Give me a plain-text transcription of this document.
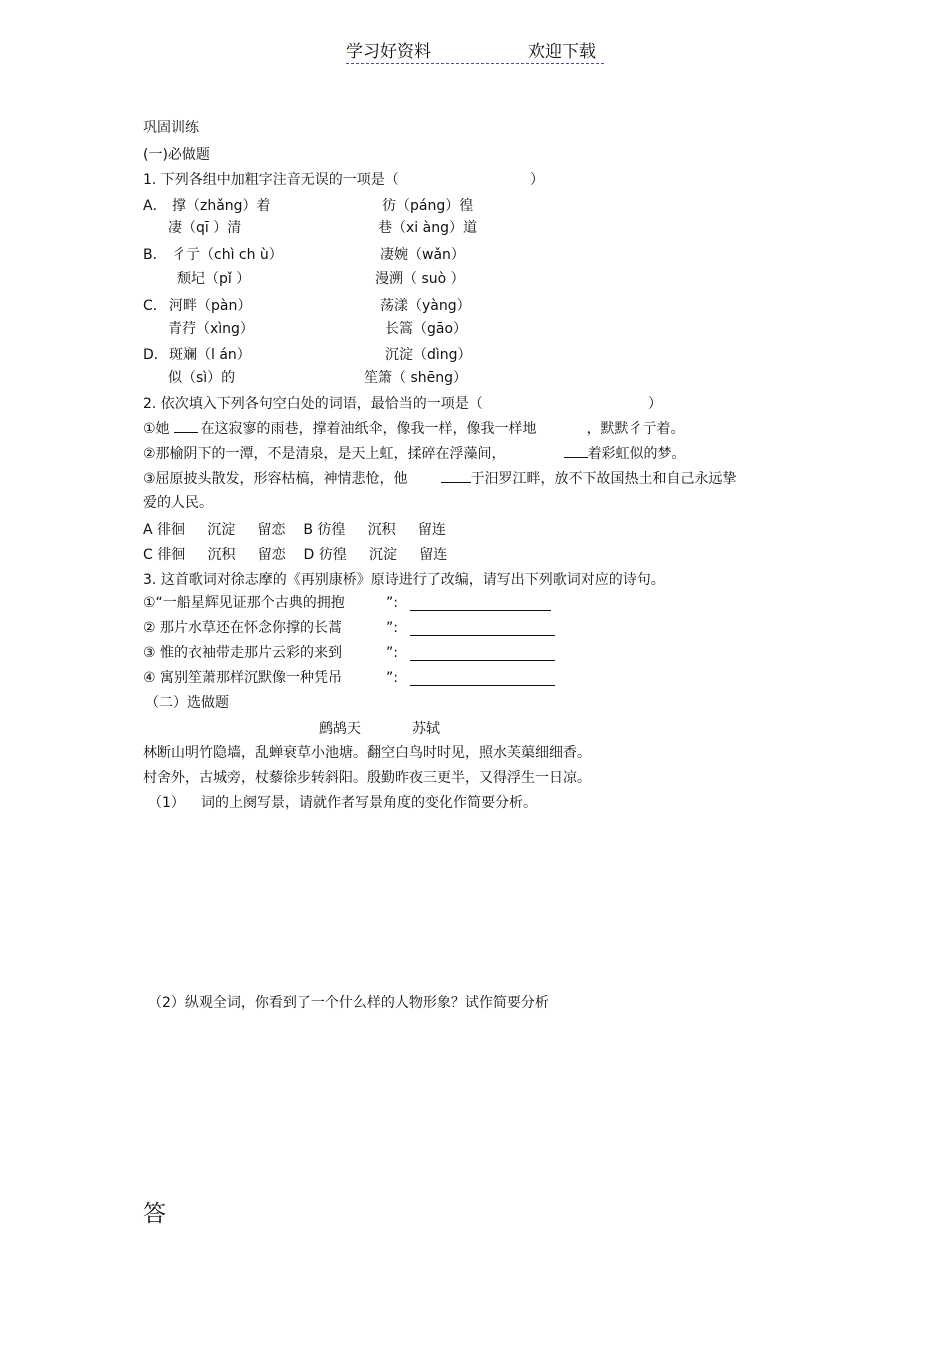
学习好资料	欢迎下载
巩固训练
(一)必做题
1. 下列各组中加粗字注音无误的一项是（	）
A． 撑（zhǎng）着	彷（páng）徨
凄（qī ）清	巷（xi àng）道
B． 彳亍（chì ch ù）	凄婉（wǎn）
颓圮（pǐ ）	漫溯（ suò ）
C． 河畔（pàn）	荡漾（yàng）
青荇（xìng）	长篙（gāo）
D． 斑斓（l án）	沉淀（dìng）
似（sì）的	笙箫（ shēng）
2. 依次填入下列各句空白处的词语，最恰当的一项是（	）
①她 在这寂寥的雨巷，撑着油纸伞，像我一样，像我一样地	，默默彳亍着。
②那榆阴下的一潭，不是清泉，是天上虹，揉碎在浮藻间，	着彩虹似的梦。
③屈原披头散发，形容枯槁，神情悲怆，他	于汨罗江畔，放不下故国热土和自己永远挚
爱的人民。
A 徘徊     沉淀     留恋    B 彷徨     沉积     留连
C 徘徊     沉积     留恋    D 彷徨     沉淀     留连
3. 这首歌词对徐志摩的《再别康桥》原诗进行了改编，请写出下列歌词对应的诗句。
①“一船星辉见证那个古典的拥抱	”:
② 那片水草还在怀念你撑的长蒿	”:
③ 惟的衣袖带走那片云彩的来到	”:
④ 寓别笙萧那样沉默像一种凭吊	”:
（二）选做题
鹧鸪天	苏轼
林断山明竹隐墙，乱蝉衰草小池塘。翻空白鸟时时见，照水芙蕖细细香。
村舍外，古城旁，杖藜徐步转斜阳。殷勤昨夜三更半，又得浮生一日凉。
（1） 词的上阕写景，请就作者写景角度的变化作简要分析。
（2）纵观全词，你看到了一个什么样的人物形象？试作简要分析
答
